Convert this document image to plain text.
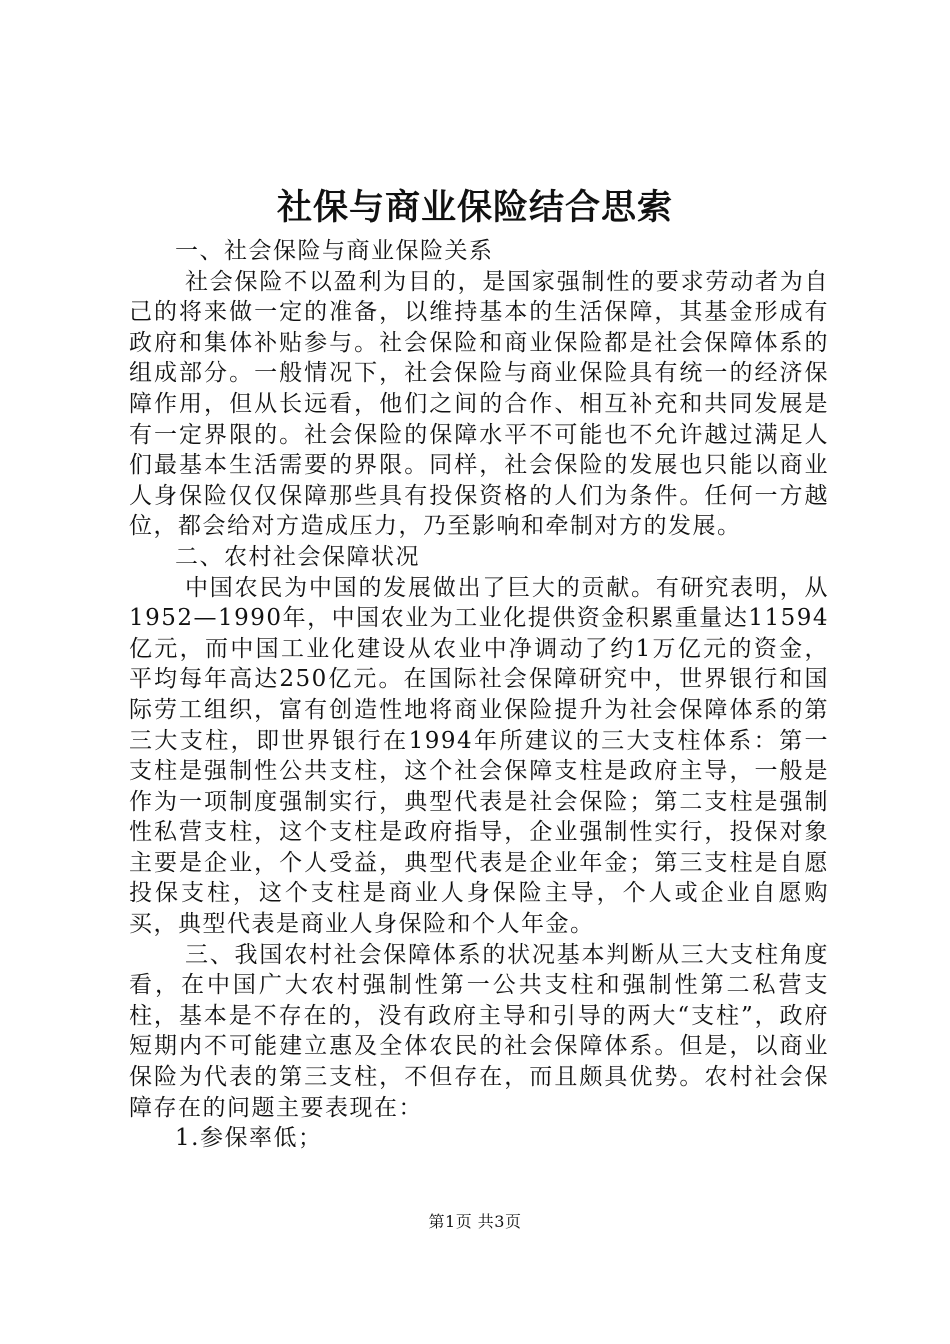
社保与商业保险结合思索

一、社会保险与商业保险关系

社会保险不以盈利为目的，是国家强制性的要求劳动者为自己的将来做一定的准备，以维持基本的生活保障，其基金形成有政府和集体补贴参与。社会保险和商业保险都是社会保障体系的组成部分。一般情况下，社会保险与商业保险具有统一的经济保障作用，但从长远看，他们之间的合作、相互补充和共同发展是有一定界限的。社会保险的保障水平不可能也不允许越过满足人们最基本生活需要的界限。同样，社会保险的发展也只能以商业人身保险仅仅保障那些具有投保资格的人们为条件。任何一方越位，都会给对方造成压力，乃至影响和牵制对方的发展。

二、农村社会保障状况

中国农民为中国的发展做出了巨大的贡献。有研究表明，从1952—1990年，中国农业为工业化提供资金积累重量达11594亿元，而中国工业化建设从农业中净调动了约1万亿元的资金，平均每年高达250亿元。在国际社会保障研究中，世界银行和国际劳工组织，富有创造性地将商业保险提升为社会保障体系的第三大支柱，即世界银行在1994年所建议的三大支柱体系：第一支柱是强制性公共支柱，这个社会保障支柱是政府主导，一般是作为一项制度强制实行，典型代表是社会保险；第二支柱是强制性私营支柱，这个支柱是政府指导，企业强制性实行，投保对象主要是企业，个人受益，典型代表是企业年金；第三支柱是自愿投保支柱，这个支柱是商业人身保险主导，个人或企业自愿购买，典型代表是商业人身保险和个人年金。

三、我国农村社会保障体系的状况基本判断从三大支柱角度看，在中国广大农村强制性第一公共支柱和强制性第二私营支柱，基本是不存在的，没有政府主导和引导的两大“支柱”，政府短期内不可能建立惠及全体农民的社会保障体系。但是，以商业保险为代表的第三支柱，不但存在，而且颇具优势。农村社会保障存在的问题主要表现在：

1.参保率低；

第1页 共3页
